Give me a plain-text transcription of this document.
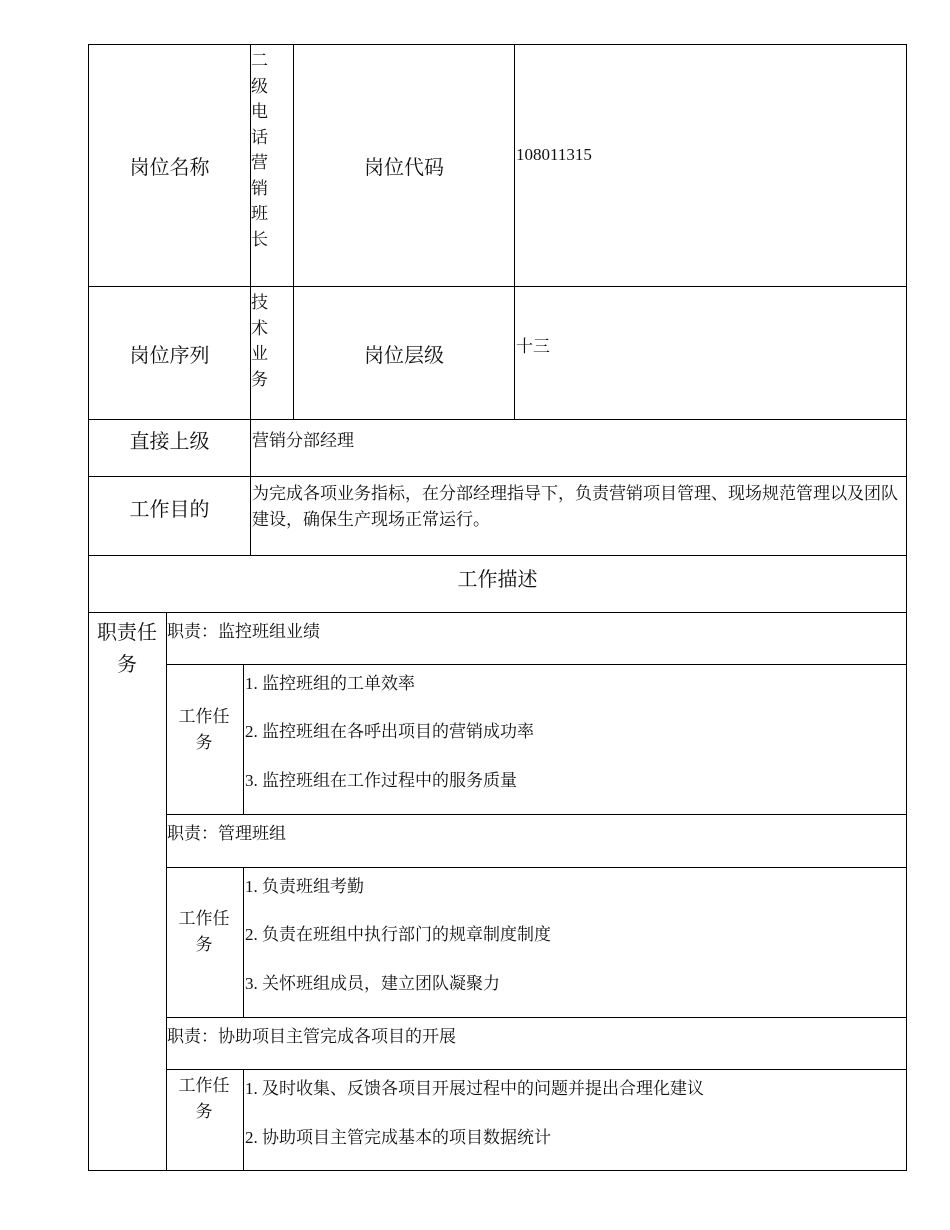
岗位名称
二级电话营销班长
岗位代码
108011315
岗位序列
技术业务
岗位层级	十三
直接上级	营销分部经理
工作目的
为完成各项业务指标，在分部经理指导下，负责营销项目管理、现场规范管理以及团队建设，确保生产现场正常运行。
工作描述
职责任务
职责：监控班组业绩
工作任务
1. 监控班组的工单效率
2. 监控班组在各呼出项目的营销成功率
3. 监控班组在工作过程中的服务质量
职责：管理班组
工作任务
1. 负责班组考勤
2. 负责在班组中执行部门的规章制度制度
3. 关怀班组成员，建立团队凝聚力
职责：协助项目主管完成各项目的开展
工作任务
1. 及时收集、反馈各项目开展过程中的问题并提出合理化建议
2. 协助项目主管完成基本的项目数据统计
